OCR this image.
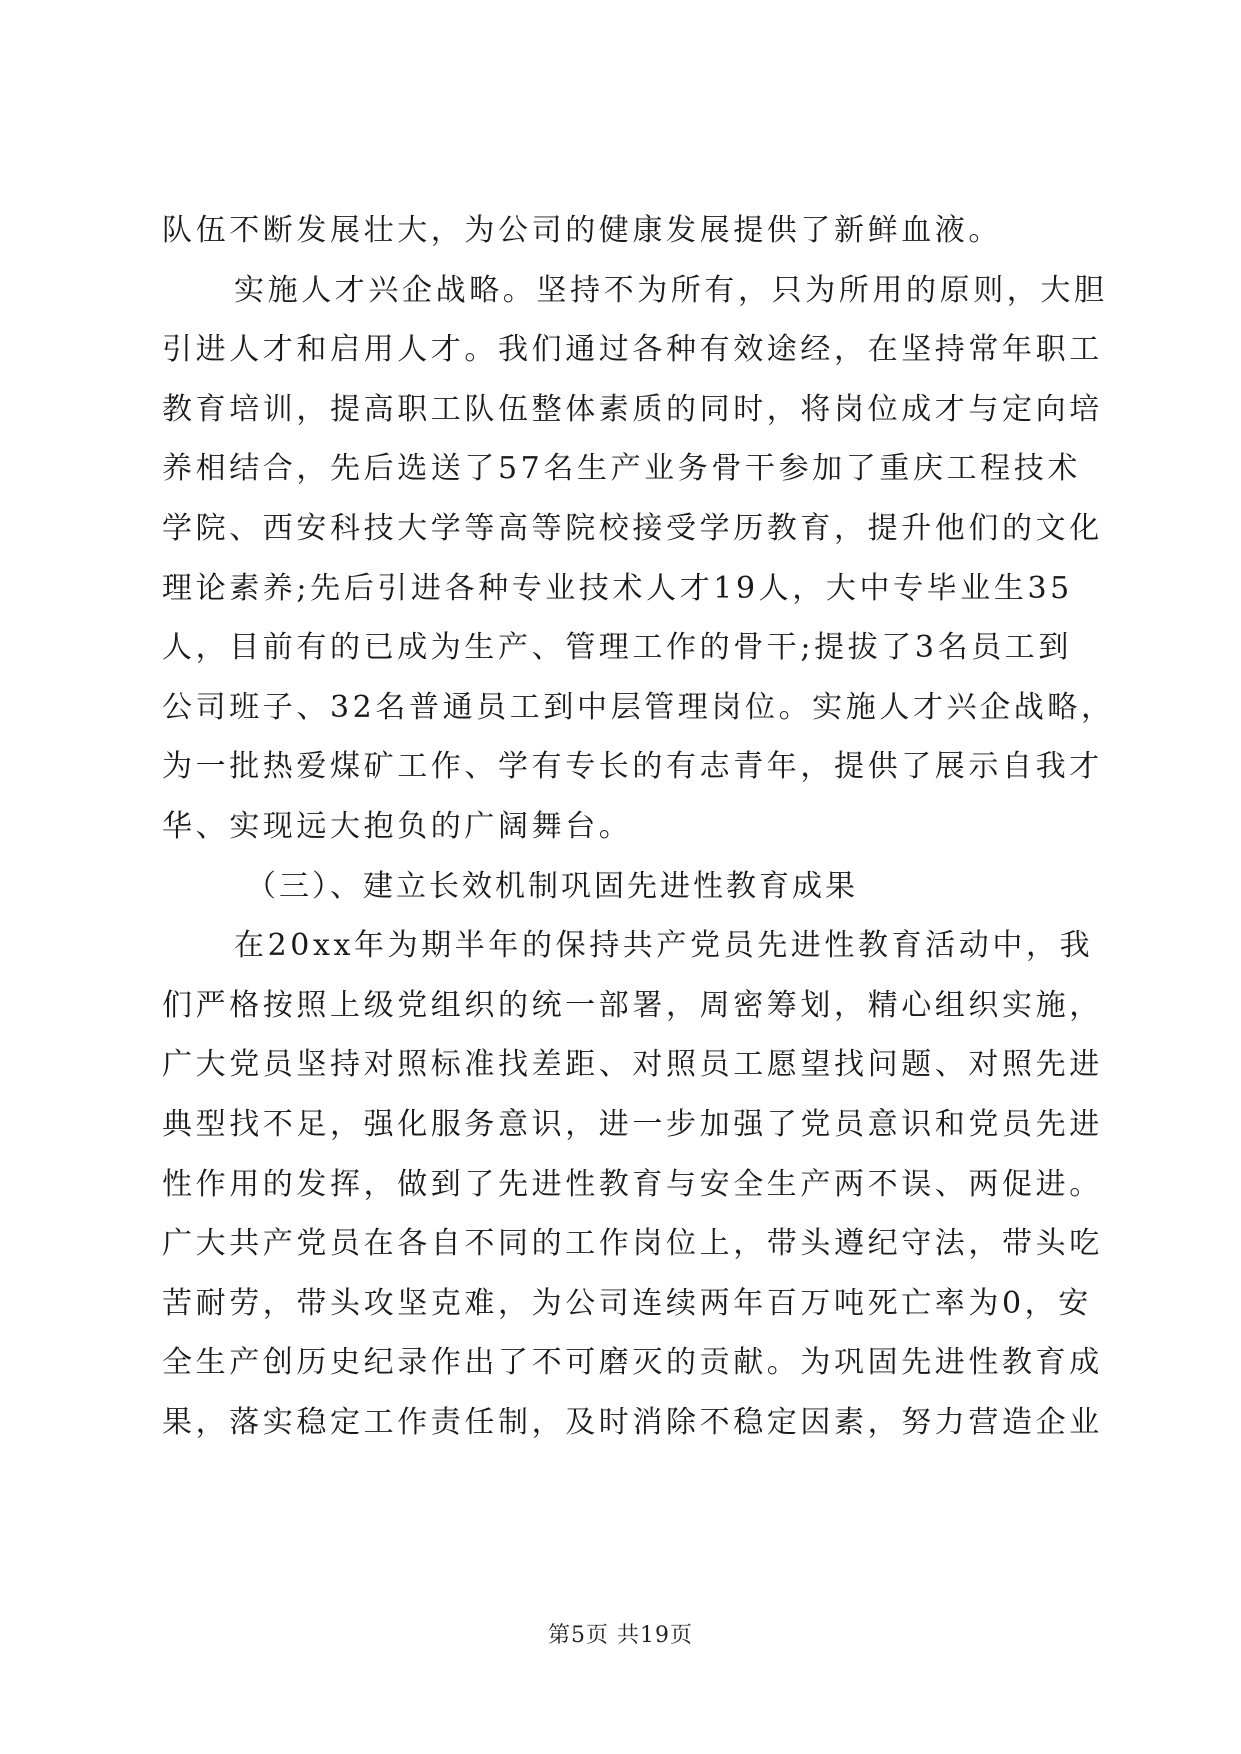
队伍不断发展壮大，为公司的健康发展提供了新鲜血液。
实施人才兴企战略。坚持不为所有，只为所用的原则，大胆
引进人才和启用人才。我们通过各种有效途经，在坚持常年职工
教育培训，提高职工队伍整体素质的同时，将岗位成才与定向培
养相结合，先后选送了57名生产业务骨干参加了重庆工程技术
学院、西安科技大学等高等院校接受学历教育，提升他们的文化
理论素养;先后引进各种专业技术人才19人，大中专毕业生35
人，目前有的已成为生产、管理工作的骨干;提拔了3名员工到
公司班子、32名普通员工到中层管理岗位。实施人才兴企战略，
为一批热爱煤矿工作、学有专长的有志青年，提供了展示自我才
华、实现远大抱负的广阔舞台。
（三）、建立长效机制巩固先进性教育成果
在20xx年为期半年的保持共产党员先进性教育活动中，我
们严格按照上级党组织的统一部署，周密筹划，精心组织实施，
广大党员坚持对照标准找差距、对照员工愿望找问题、对照先进
典型找不足，强化服务意识，进一步加强了党员意识和党员先进
性作用的发挥，做到了先进性教育与安全生产两不误、两促进。
广大共产党员在各自不同的工作岗位上，带头遵纪守法，带头吃
苦耐劳，带头攻坚克难，为公司连续两年百万吨死亡率为0，安
全生产创历史纪录作出了不可磨灭的贡献。为巩固先进性教育成
果，落实稳定工作责任制，及时消除不稳定因素，努力营造企业
第5页 共19页
